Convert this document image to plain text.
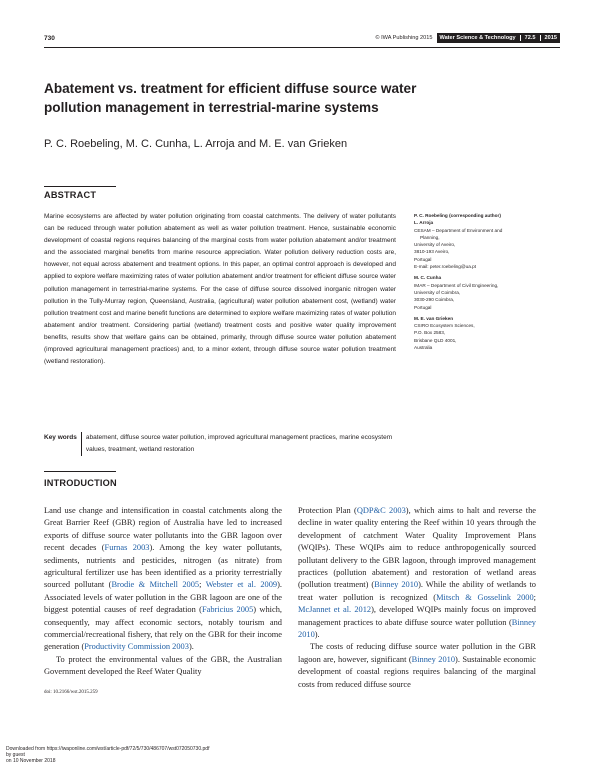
730	© IWA Publishing 2015	Water Science & Technology 72.5 2015
Abatement vs. treatment for efficient diffuse source water pollution management in terrestrial-marine systems
P. C. Roebeling, M. C. Cunha, L. Arroja and M. E. van Grieken
ABSTRACT
Marine ecosystems are affected by water pollution originating from coastal catchments. The delivery of water pollutants can be reduced through water pollution abatement as well as water pollution treatment. Hence, sustainable economic development of coastal regions requires balancing of the marginal costs from water pollution abatement and/or treatment and the associated marginal benefits from marine resource appreciation. Water pollution delivery reduction costs are, however, not equal across abatement and treatment options. In this paper, an optimal control approach is developed and applied to explore welfare maximizing rates of water pollution abatement and/or treatment for efficient diffuse source water pollution management in terrestrial-marine systems. For the case of diffuse source dissolved inorganic nitrogen water pollution in the Tully-Murray region, Queensland, Australia, (agricultural) water pollution abatement cost, (wetland) water pollution treatment cost and marine benefit functions are determined to explore welfare maximizing rates of water pollution abatement and/or treatment. Considering partial (wetland) treatment costs and positive water quality improvement benefits, results show that welfare gains can be obtained, primarily, through diffuse source water pollution abatement (improved agricultural management practices) and, to a minor extent, through diffuse source water pollution treatment (wetland restoration).
Key words	abatement, diffuse source water pollution, improved agricultural management practices, marine ecosystem values, treatment, wetland restoration
P. C. Roebeling (corresponding author)
L. Arroja
CESAM – Department of Environment and
Planning,
University of Aveiro,
3810-193 Aveiro,
Portugal
E-mail: peter.roebeling@ua.pt
M. C. Cunha
IMAR – Department of Civil Engineering,
University of Coimbra,
3030-290 Coimbra,
Portugal
M. E. van Grieken
CSIRO Ecosystem Sciences,
P.O. Box 2583,
Brisbane QLD 4001,
Australia
INTRODUCTION

Land use change and intensification in coastal catchments along the Great Barrier Reef (GBR) region of Australia have led to increased exports of diffuse source water pollutants into the GBR lagoon over recent decades (Furnas 2003). Among the key water pollutants, sediments, nutrients and pesticides, nitrogen (as nitrate) from agricultural fertilizer use has been identified as a priority terrestrially sourced pollutant (Brodie & Mitchell 2005; Webster et al. 2009). Associated levels of water pollution in the GBR lagoon are one of the biggest potential causes of reef degradation (Fabricius 2005) which, consequently, may affect economic sectors, notably tourism and commercial/recreational fishery, that rely on the GBR for their income generation (Productivity Commission 2003).

To protect the environmental values of the GBR, the Australian Government developed the Reef Water Quality

Protection Plan (QDP&C 2003), which aims to halt and reverse the decline in water quality entering the Reef within 10 years through the development of catchment Water Quality Improvement Plans (WQIPs). These WQIPs aim to reduce anthropogenically sourced pollutant delivery to the GBR lagoon, through improved management practices (pollution abatement) and restoration of wetland areas (pollution treatment) (Binney 2010). While the ability of wetlands to treat water pollution is recognized (Mitsch & Gosselink 2000; McJannet et al. 2012), developed WQIPs mainly focus on improved management practices to abate diffuse source water pollution (Binney 2010).

The costs of reducing diffuse source water pollution in the GBR lagoon are, however, significant (Binney 2010). Sustainable economic development of coastal regions requires balancing of the marginal costs from reduced diffuse source

doi: 10.2166/wst.2015.259
Downloaded from https://iwaponline.com/wst/article-pdf/72/5/730/486707/wst072050730.pdf
by guest
on 10 November 2018
